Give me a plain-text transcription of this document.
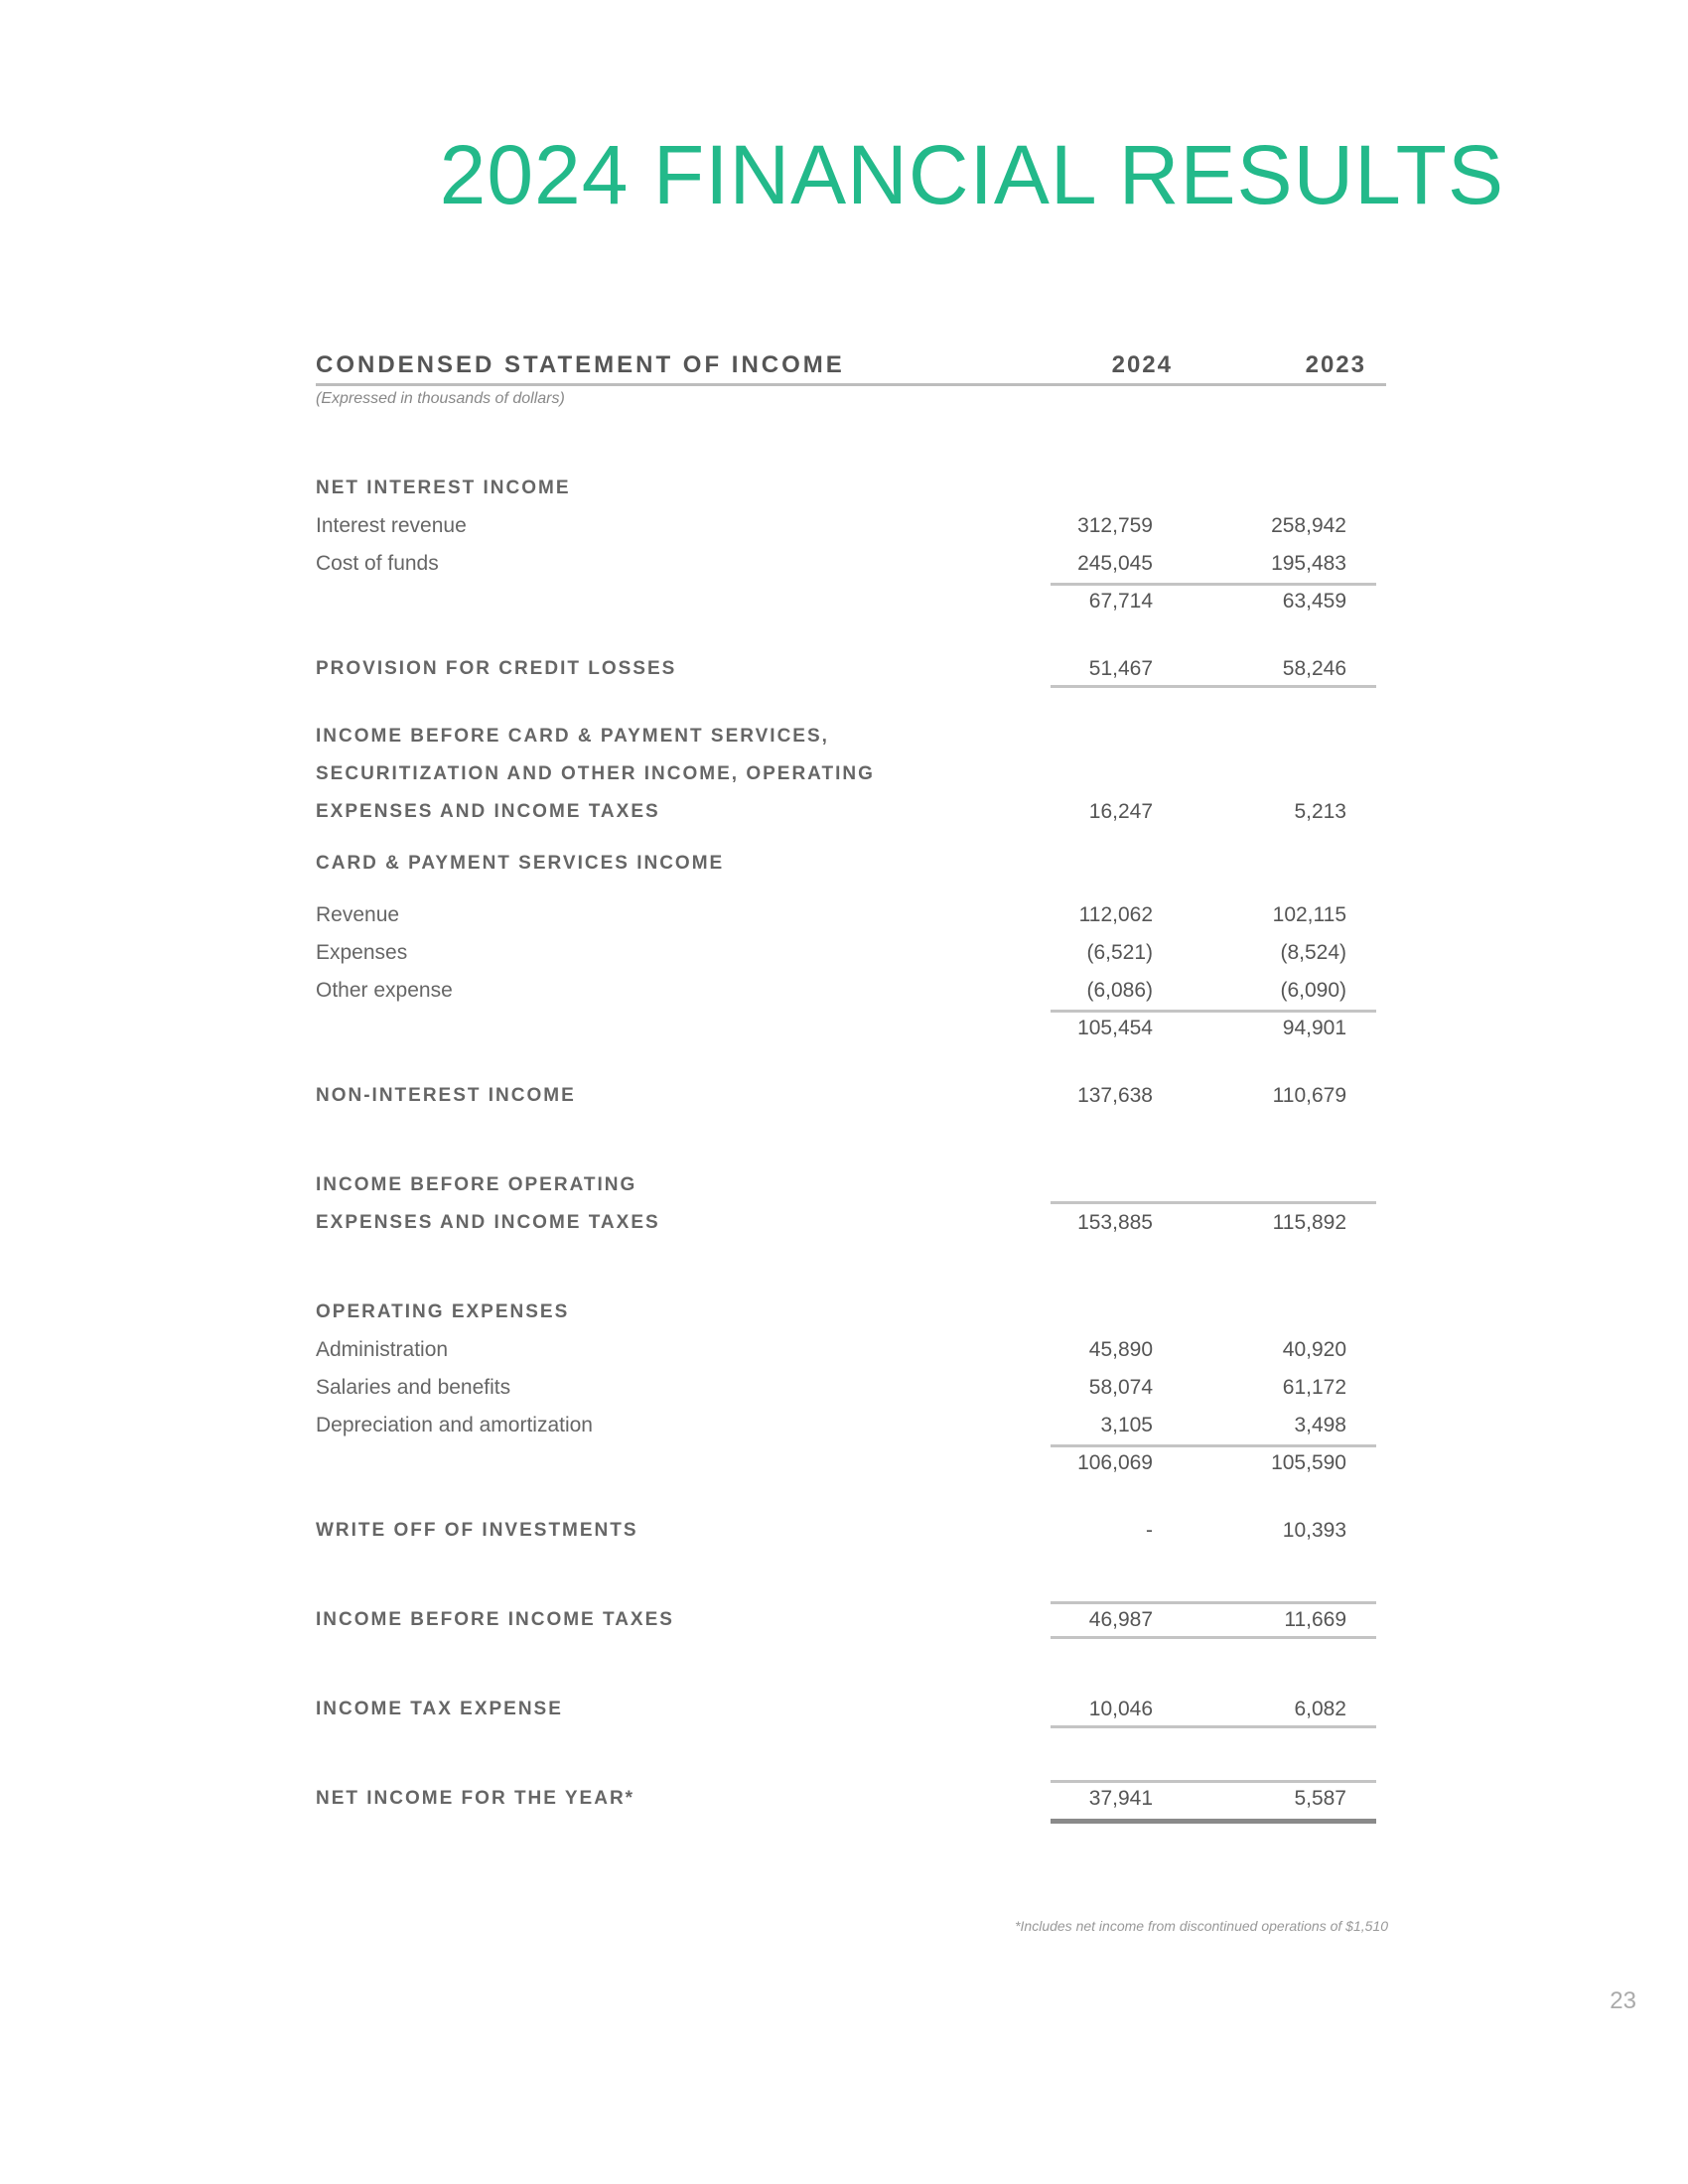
2024 FINANCIAL RESULTS
CONDENSED STATEMENT OF INCOME	2024	2023
(Expressed in thousands of dollars)
NET INTEREST INCOME
Interest revenue	312,759	258,942
Cost of funds	245,045	195,483
67,714	63,459
PROVISION FOR CREDIT LOSSES	51,467	58,246
INCOME BEFORE CARD & PAYMENT SERVICES,
SECURITIZATION AND OTHER INCOME, OPERATING
EXPENSES AND INCOME TAXES	16,247	5,213
CARD & PAYMENT SERVICES INCOME
Revenue	112,062	102,115
Expenses	(6,521)	(8,524)
Other expense	(6,086)	(6,090)
105,454	94,901
NON-INTEREST INCOME	137,638	110,679
INCOME BEFORE OPERATING
EXPENSES AND INCOME TAXES	153,885	115,892
OPERATING EXPENSES
Administration	45,890	40,920
Salaries and benefits	58,074	61,172
Depreciation and amortization	3,105	3,498
106,069	105,590
WRITE OFF OF INVESTMENTS	-	10,393
INCOME BEFORE INCOME TAXES	46,987	11,669
INCOME TAX EXPENSE	10,046	6,082
NET INCOME FOR THE YEAR*	37,941	5,587
*Includes net income from discontinued operations of $1,510
23
